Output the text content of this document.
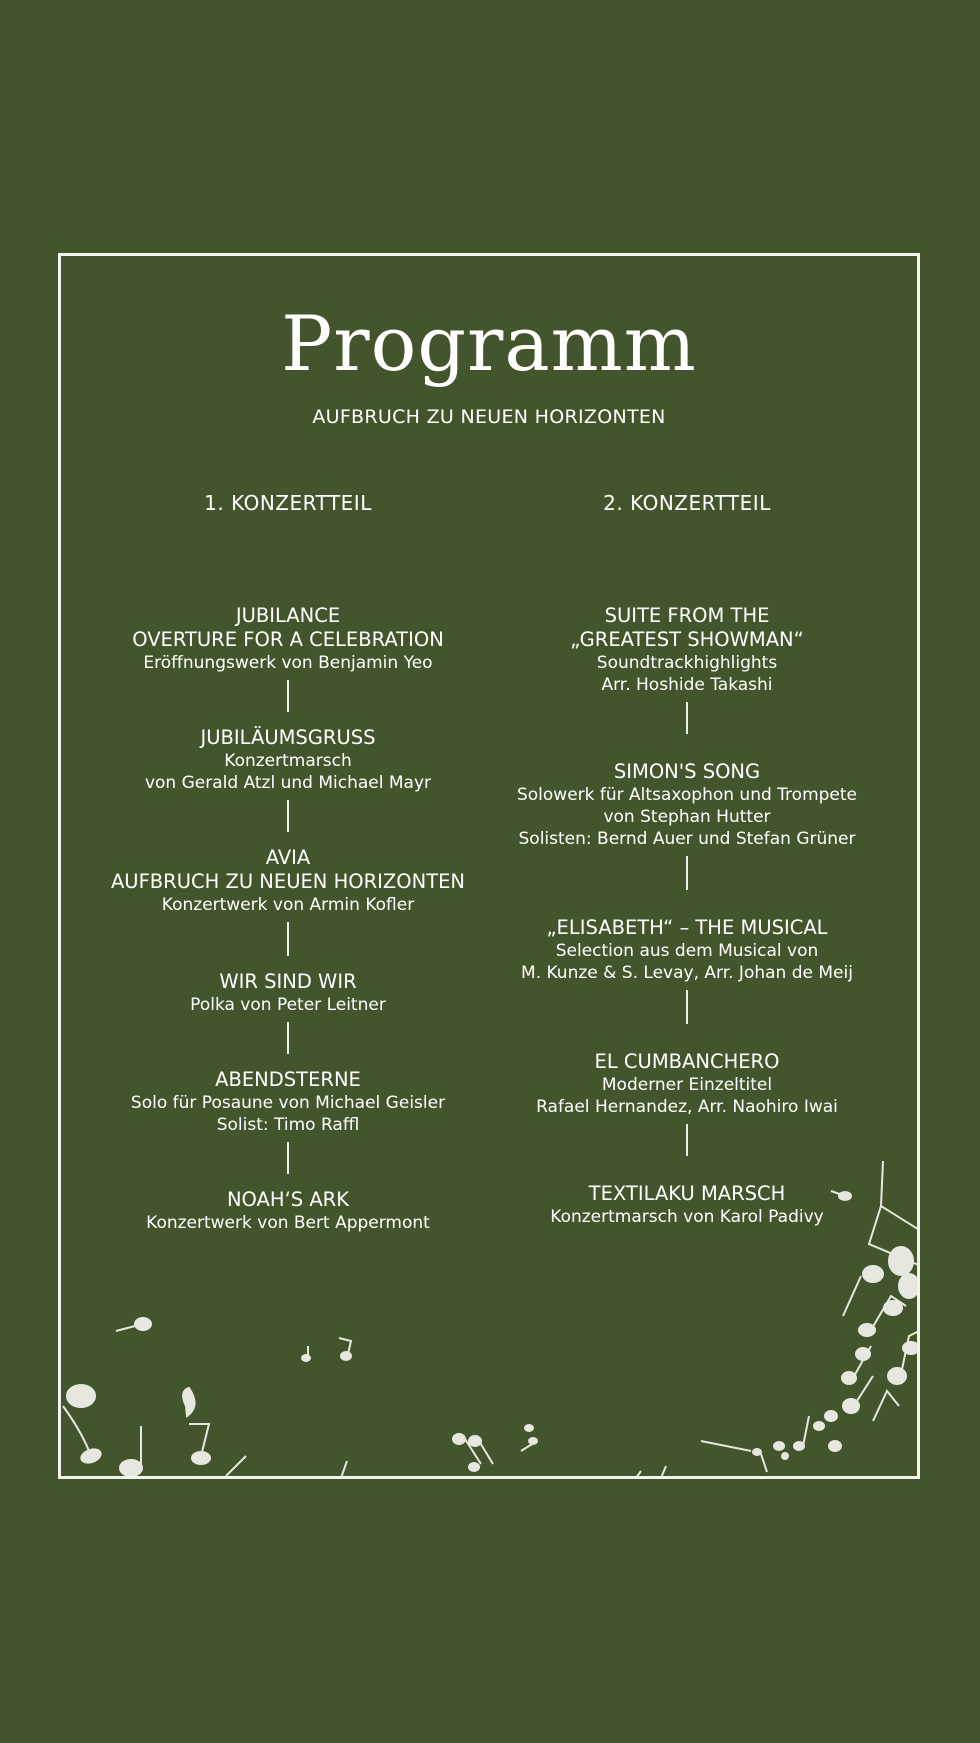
Programm
AUFBRUCH ZU NEUEN HORIZONTEN
1. KONZERTTEIL
JUBILANCE
OVERTURE FOR A CELEBRATION
Eröffnungswerk von Benjamin Yeo
JUBILÄUMSGRUSS
Konzertmarsch
von Gerald Atzl und Michael Mayr
AVIA
AUFBRUCH ZU NEUEN HORIZONTEN
Konzertwerk von Armin Kofler
WIR SIND WIR
Polka von Peter Leitner
ABENDSTERNE
Solo für Posaune von Michael Geisler
Solist: Timo Raffl
NOAH‘S ARK
Konzertwerk von Bert Appermont
2. KONZERTTEIL
SUITE FROM THE
„GREATEST SHOWMAN“
Soundtrackhighlights
Arr. Hoshide Takashi
SIMON'S SONG
Solowerk für Altsaxophon und Trompete
von Stephan Hutter
Solisten: Bernd Auer und Stefan Grüner
„ELISABETH“ – THE MUSICAL
Selection aus dem Musical von
M. Kunze & S. Levay, Arr. Johan de Meij
EL CUMBANCHERO
Moderner Einzeltitel
Rafael Hernandez, Arr. Naohiro Iwai
TEXTILAKU MARSCH
Konzertmarsch von Karol Padivy
